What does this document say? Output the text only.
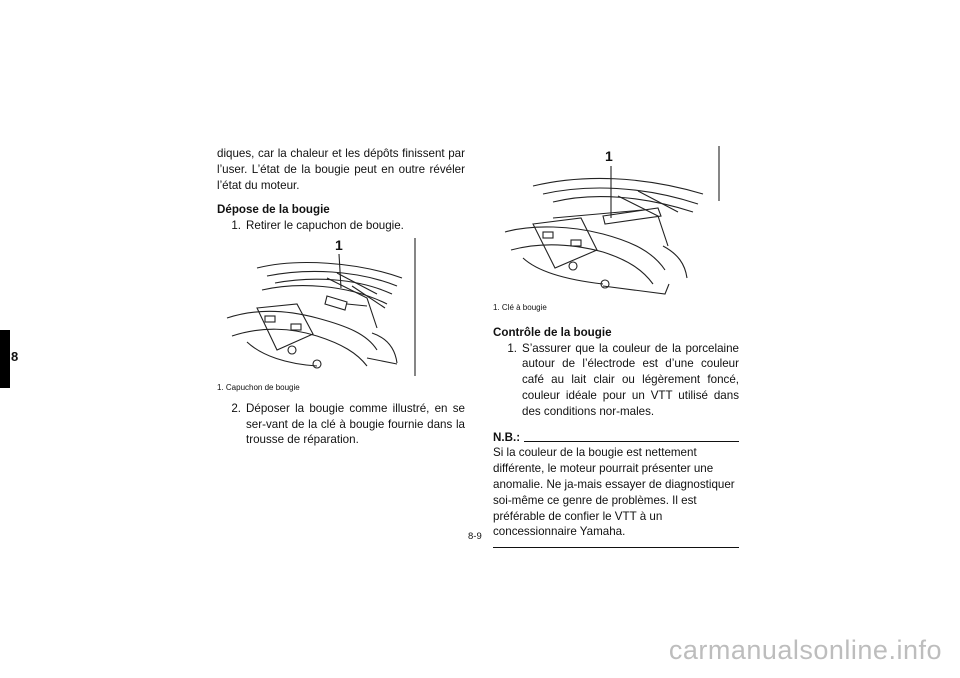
8

diques, car la chaleur et les dépôts finissent par l’user. L’état de la bougie peut en outre révéler l’état du moteur.

Dépose de la bougie

1. Retirer le capuchon de bougie.
1

1. Capuchon de bougie

2. Déposer la bougie comme illustré, en se ser-vant de la clé à bougie fournie dans la trousse de réparation.
1

1. Clé à bougie

Contrôle de la bougie

1. S’assurer que la couleur de la porcelaine autour de l’électrode est d’une couleur café au lait clair ou légèrement foncé, couleur idéale pour un VTT utilisé dans des conditions nor-males.
N.B.:

Si la couleur de la bougie est nettement différente, le moteur pourrait présenter une anomalie. Ne ja-mais essayer de diagnostiquer soi-même ce genre de problèmes. Il est préférable de confier le VTT à un concessionnaire Yamaha.

8-9
carmanualsonline.info
